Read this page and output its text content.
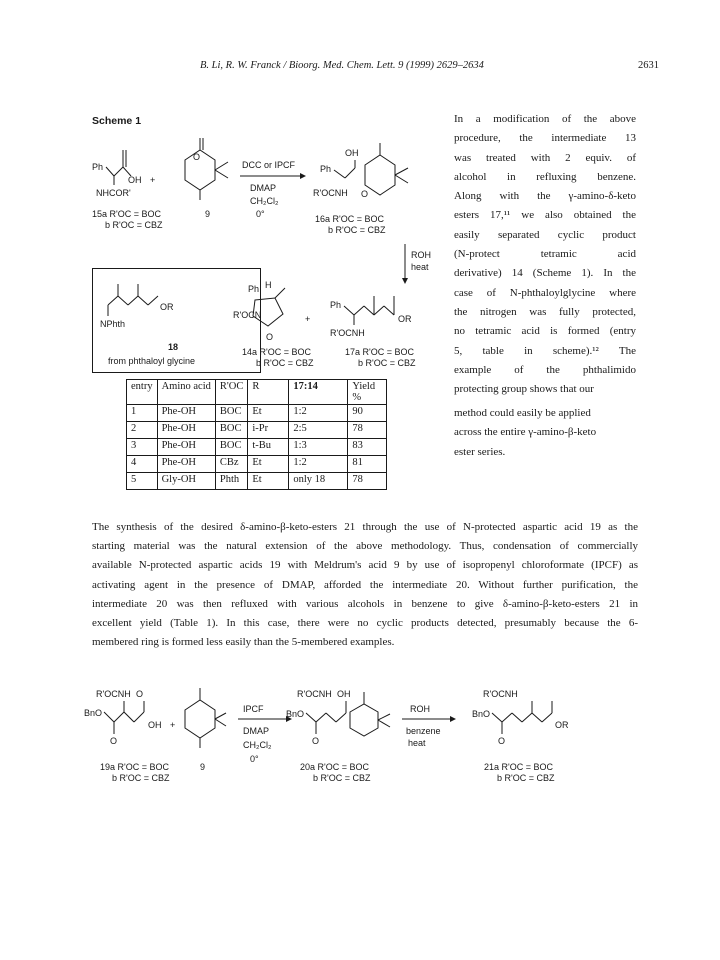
B. Li, R. W. Franck / Bioorg. Med. Chem. Lett. 9 (1999) 2629–2634	2631
Scheme 1
Ph
OH +
NHCOR'
15a R'OC = BOC
b R'OC = CBZ
O
9
DCC or IPCF
DMAP
CH₂Cl₂
0°
Ph
OH
R'OCNH O
16a R'OC = BOC
b R'OC = CBZ
ROH
heat
OR
NPhth
18
from phthaloyl glycine
Ph H
R'OCN
O
14a R'OC = BOC
b R'OC = CBZ
+
Ph
OR
R'OCNH
17a R'OC = BOC
b R'OC = CBZ
In a modification of the above
procedure, the intermediate 13
was treated with 2 equiv. of
alcohol in refluxing benzene.
Along with the γ-amino-δ-keto
esters 17,¹¹ we also obtained the
easily separated cyclic product
(N-protect tetramic acid
derivative) 14 (Scheme 1). In the
case of N-phthaloylglycine where
the nitrogen was fully protected,
no tetramic acid is formed (entry
5, table in scheme).¹² The
example of the phthalimido
protecting group shows that our
method could easily be applied
across the entire γ-amino-β-keto
ester series.
entry	Amino acid	R'OC	R	17:14	Yield %
1	Phe-OH	BOC	Et	1:2	90
2	Phe-OH	BOC	i-Pr	2:5	78
3	Phe-OH	BOC	t-Bu	1:3	83
4	Phe-OH	CBz	Et	1:2	81
5	Gly-OH	Phth	Et	only 18	78
The synthesis of the desired δ-amino-β-keto-esters 21 through the use of N-protected aspartic acid 19 as the
starting material was the natural extension of the above methodology. Thus, condensation of commercially
available N-protected aspartic acids 19 with Meldrum's acid 9 by use of isopropenyl chloroformate (IPCF) as
activating agent in the presence of DMAP, afforded the intermediate 20. Without further purification, the
intermediate 20 was then refluxed with various alcohols in benzene to give δ-amino-β-keto-esters 21 in
excellent yield (Table 1). In this case, there were no cyclic products detected, presumably because the 6-
membered ring is formed less easily than the 5-membered examples.
R'OCNH O
BnO
OH
O
+
19a R'OC = BOC
b R'OC = CBZ
9
IPCF
DMAP
CH₂Cl₂
0°
R'OCNH OH
BnO
O
20a R'OC = BOC
b R'OC = CBZ
ROH
benzene
heat
R'OCNH
BnO
OR
O
21a R'OC = BOC
b R'OC = CBZ
